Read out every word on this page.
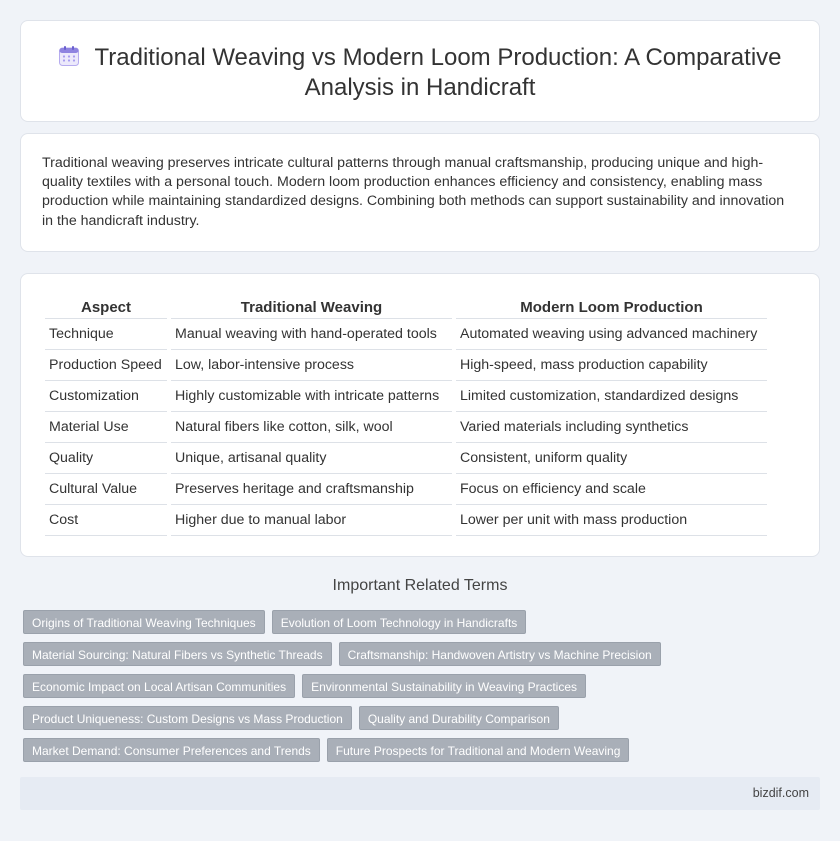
Traditional Weaving vs Modern Loom Production: A Comparative Analysis in Handicraft

Traditional weaving preserves intricate cultural patterns through manual craftsmanship, producing unique and high-quality textiles with a personal touch. Modern loom production enhances efficiency and consistency, enabling mass production while maintaining standardized designs. Combining both methods can support sustainability and innovation in the handicraft industry.

Aspect	Traditional Weaving	Modern Loom Production
Technique	Manual weaving with hand-operated tools	Automated weaving using advanced machinery
Production Speed	Low, labor-intensive process	High-speed, mass production capability
Customization	Highly customizable with intricate patterns	Limited customization, standardized designs
Material Use	Natural fibers like cotton, silk, wool	Varied materials including synthetics
Quality	Unique, artisanal quality	Consistent, uniform quality
Cultural Value	Preserves heritage and craftsmanship	Focus on efficiency and scale
Cost	Higher due to manual labor	Lower per unit with mass production
Important Related Terms
Origins of Traditional Weaving Techniques	Evolution of Loom Technology in Handicrafts
Material Sourcing: Natural Fibers vs Synthetic Threads	Craftsmanship: Handwoven Artistry vs Machine Precision
Economic Impact on Local Artisan Communities	Environmental Sustainability in Weaving Practices
Product Uniqueness: Custom Designs vs Mass Production	Quality and Durability Comparison
Market Demand: Consumer Preferences and Trends	Future Prospects for Traditional and Modern Weaving
bizdif.com
